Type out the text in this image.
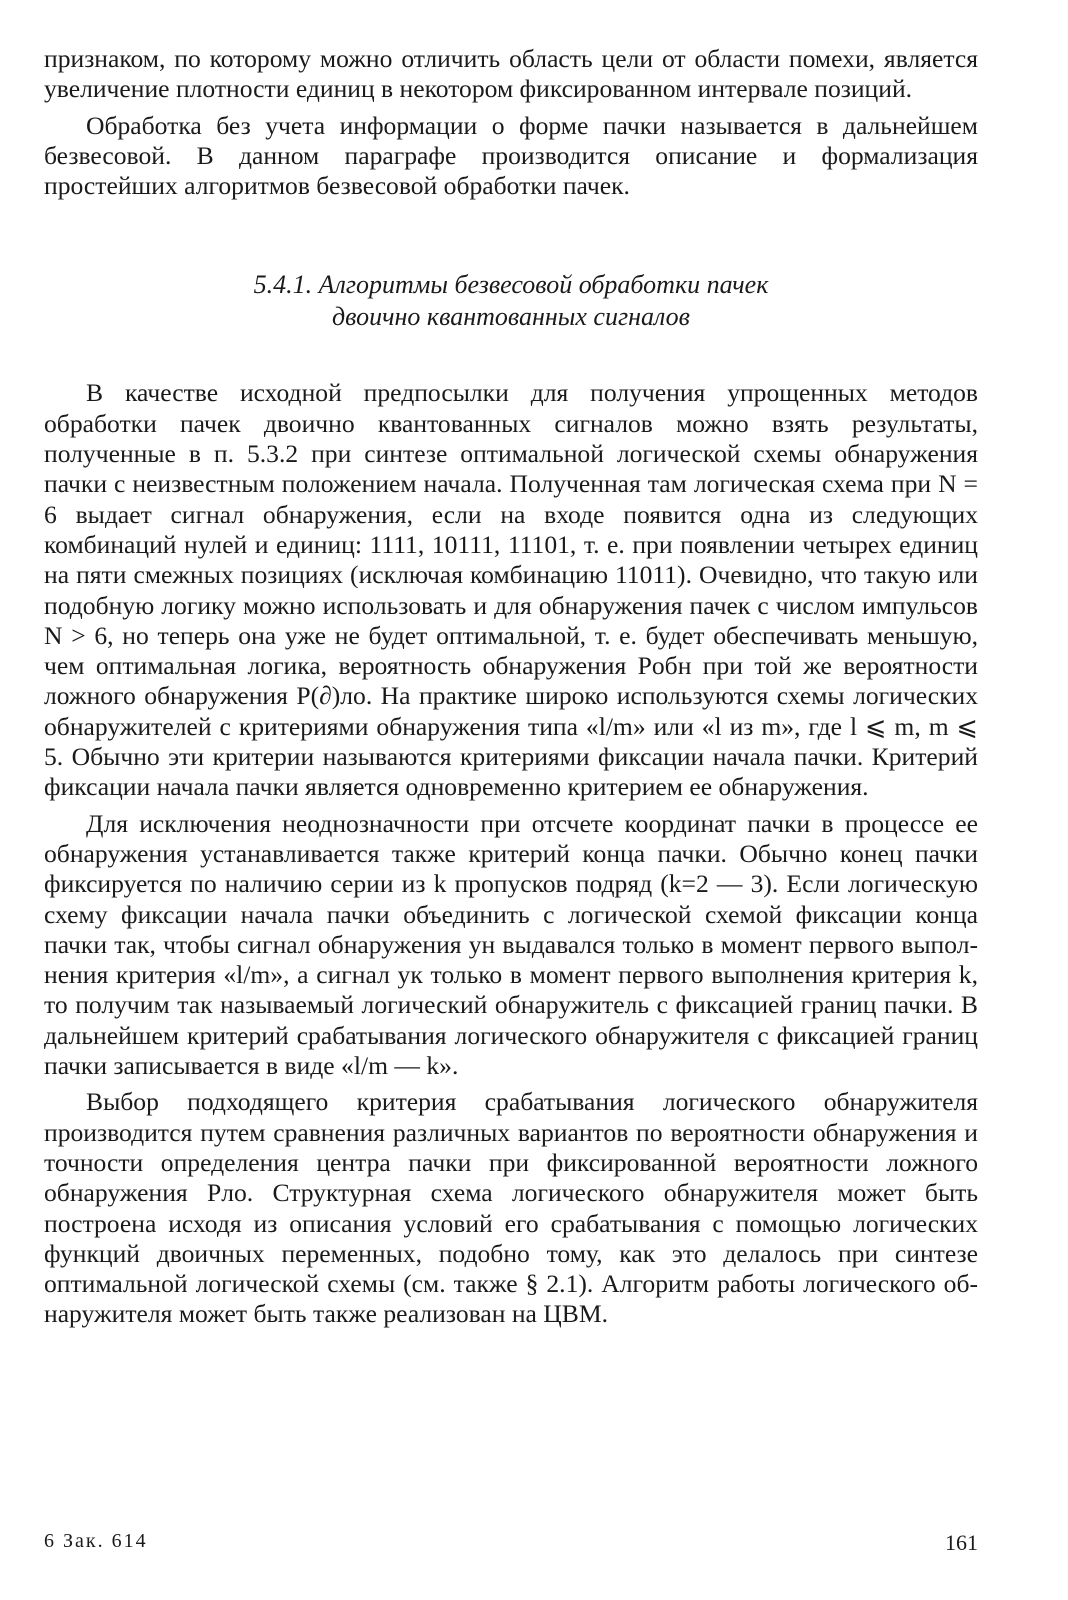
признаком, по которому можно отличить область цели от области помехи, является увеличение плотности единиц в некотором фиксированном интервале позиций.

Обработка без учета информации о форме пачки называется в дальнейшем безвесовой. В данном параграфе производится описание и формализация простейших алгоритмов безвесовой обработки пачек.

5.4.1. Алгоритмы безвесовой обработки пачек
двоично квантованных сигналов

В качестве исходной предпосылки для получения упрощенных методов обработки пачек двоично квантованных сигналов можно взять результаты, полученные в п. 5.3.2 при синтезе оптимальной логической схемы обнаружения пачки с неизвестным положением начала. Полученная там логическая схема при N = 6 выдает сигнал обнаружения, если на входе появится одна из следующих комбинаций нулей и единиц: 1111, 10111, 11101, т. е. при появлении четырех единиц на пяти смежных позициях (исключая комбинацию 11011). Очевидно, что такую или подобную логику можно использовать и для обнаружения пачек с числом импульсов N > 6, но теперь она уже не будет оптимальной, т. е. будет обеспечивать меньшую, чем оптимальная логика, вероятность обнаружения Pобн при той же вероятности ложного обнаружения P(∂)ло. На практике широко используются схемы логических обнаружителей с критериями обнаружения типа «l/m» или «l из m», где l ⩽ m, m ⩽ 5. Обычно эти критерии называются критериями фиксации начала пачки. Критерий фиксации начала пачки является одновременно критерием ее обнаружения.

Для исключения неоднозначности при отсчете координат пачки в процессе ее обнаружения устанавливается также критерий конца пачки. Обычно конец пачки фиксируется по наличию серии из k пропусков подряд (k=2 — 3). Если логическую схему фиксации начала пачки объединить с логической схемой фиксации конца пачки так, чтобы сигнал обнаружения yн выдавался только в момент первого выполнения критерия «l/m», а сигнал yк только в момент первого выполнения критерия k, то получим так называемый логический обнаружитель с фиксацией границ пачки. В дальнейшем критерий срабатывания логического обнаружителя с фиксацией границ пачки записывается в виде «l/m — k».

Выбор подходящего критерия срабатывания логического обнаружителя производится путем сравнения различных вариантов по вероятности обнаружения и точности определения центра пачки при фиксированной вероятности ложного обнаружения Pло. Структурная схема логического обнаружителя может быть построена исходя из описания условий его срабатывания с помощью логических функций двоичных переменных, подобно тому, как это делалось при синтезе оптимальной логической схемы (см. также § 2.1). Алгоритм работы логического обнаружителя может быть также реализован на ЦВМ.

6 Зак. 614	161
